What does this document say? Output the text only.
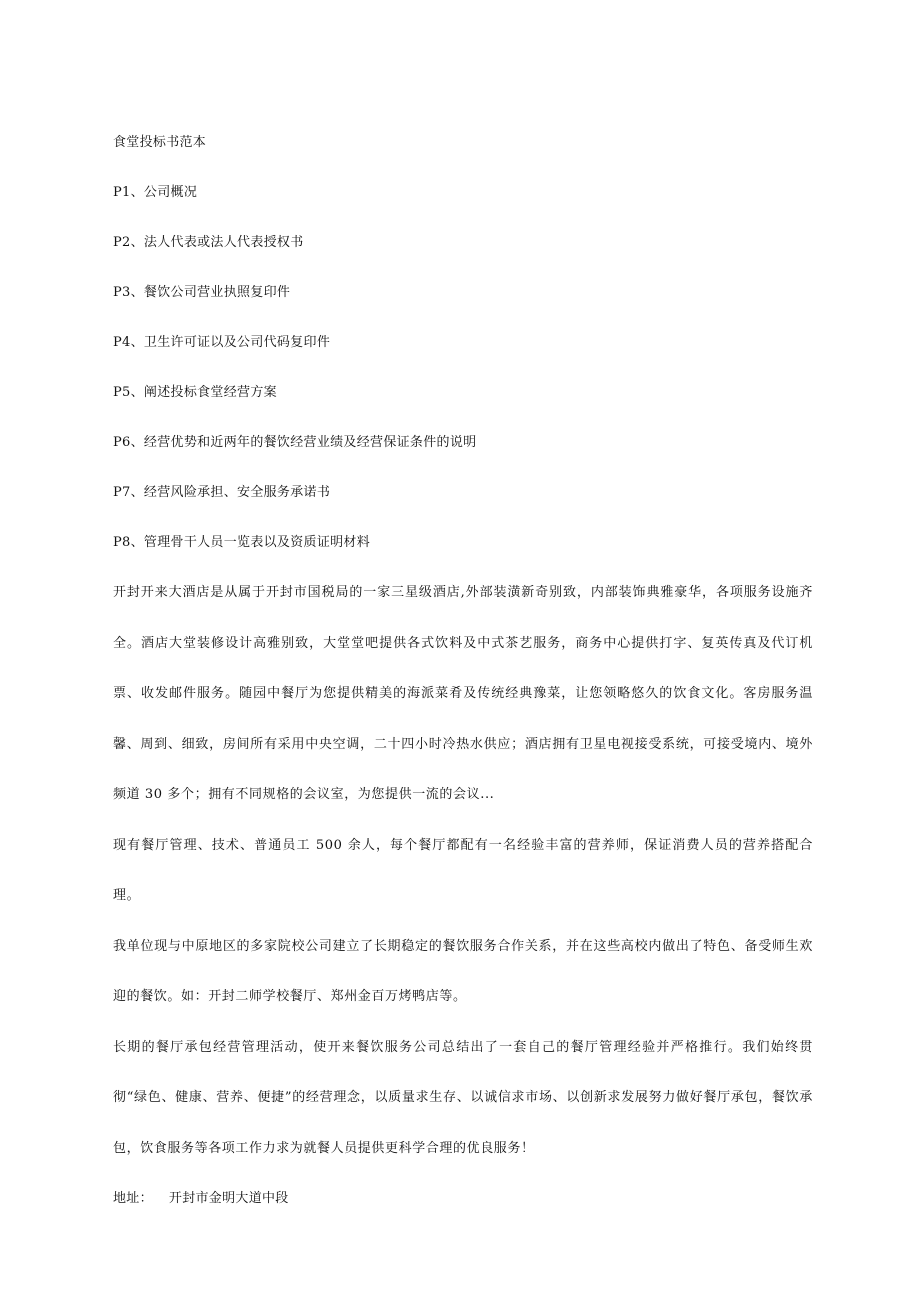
食堂投标书范本
P1、公司概况
P2、法人代表或法人代表授权书
P3、餐饮公司营业执照复印件
P4、卫生许可证以及公司代码复印件
P5、阐述投标食堂经营方案
P6、经营优势和近两年的餐饮经营业绩及经营保证条件的说明
P7、经营风险承担、安全服务承诺书
P8、管理骨干人员一览表以及资质证明材料

开封开来大酒店是从属于开封市国税局的一家三星级酒店,外部装潢新奇别致，内部装饰典雅豪华，各项服务设施齐全。酒店大堂装修设计高雅别致，大堂堂吧提供各式饮料及中式茶艺服务，商务中心提供打字、复英传真及代订机票、收发邮件服务。随园中餐厅为您提供精美的海派菜肴及传统经典豫菜，让您领略悠久的饮食文化。客房服务温馨、周到、细致，房间所有采用中央空调，二十四小时冷热水供应；酒店拥有卫星电视接受系统，可接受境内、境外频道 30 多个；拥有不同规格的会议室，为您提供一流的会议...

现有餐厅管理、技术、普通员工 500 余人，每个餐厅都配有一名经验丰富的营养师，保证消费人员的营养搭配合理。

我单位现与中原地区的多家院校公司建立了长期稳定的餐饮服务合作关系，并在这些高校内做出了特色、备受师生欢迎的餐饮。如：开封二师学校餐厅、郑州金百万烤鸭店等。

长期的餐厅承包经营管理活动，使开来餐饮服务公司总结出了一套自己的餐厅管理经验并严格推行。我们始终贯彻“绿色、健康、营养、便捷”的经营理念，以质量求生存、以诚信求市场、以创新求发展努力做好餐厅承包，餐饮承包，饮食服务等各项工作力求为就餐人员提供更科学合理的优良服务！

地址： 开封市金明大道中段
